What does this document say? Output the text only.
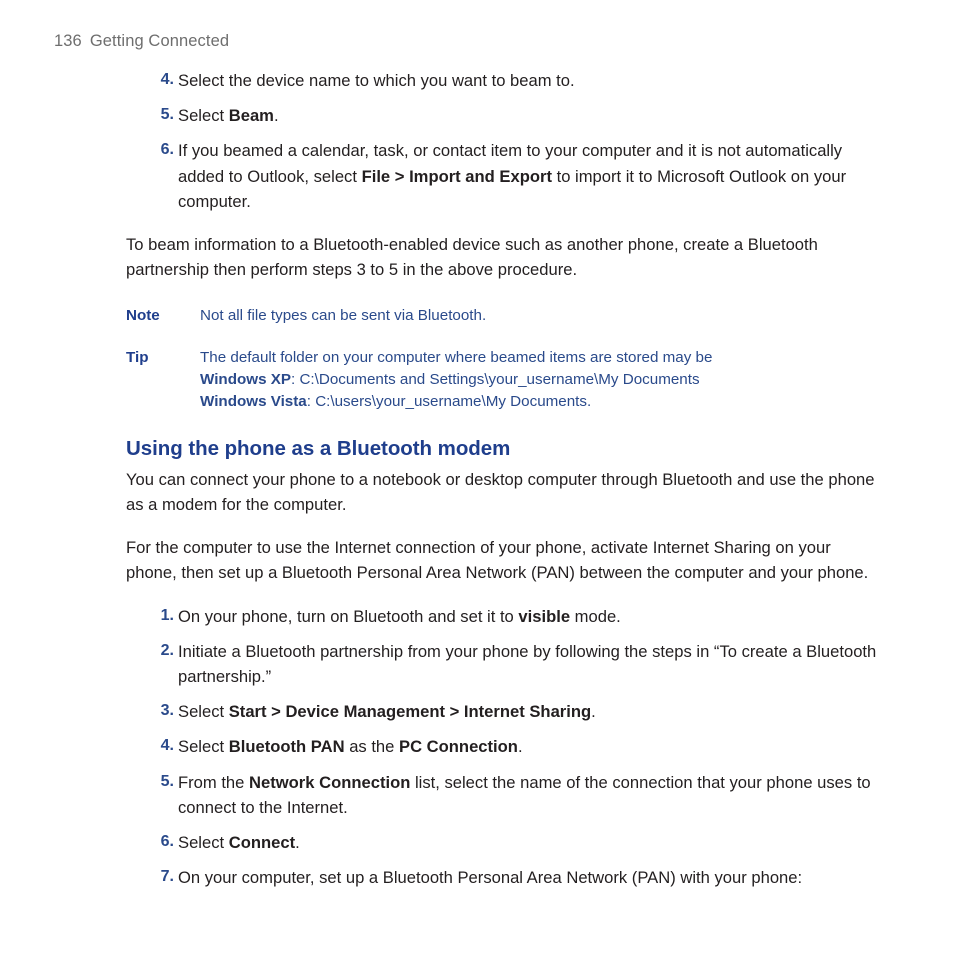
136 Getting Connected
4. Select the device name to which you want to beam to.
5. Select Beam.
6. If you beamed a calendar, task, or contact item to your computer and it is not automatically added to Outlook, select File > Import and Export to import it to Microsoft Outlook on your computer.

To beam information to a Bluetooth-enabled device such as another phone, create a Bluetooth partnership then perform steps 3 to 5 in the above procedure.

Note	Not all file types can be sent via Bluetooth.
Tip	The default folder on your computer where beamed items are stored may be
Windows XP: C:\Documents and Settings\your_username\My Documents
Windows Vista: C:\users\your_username\My Documents.
Using the phone as a Bluetooth modem

You can connect your phone to a notebook or desktop computer through Bluetooth and use the phone as a modem for the computer.

For the computer to use the Internet connection of your phone, activate Internet Sharing on your phone, then set up a Bluetooth Personal Area Network (PAN) between the computer and your phone.

1. On your phone, turn on Bluetooth and set it to visible mode.
2. Initiate a Bluetooth partnership from your phone by following the steps in “To create a Bluetooth partnership.”
3. Select Start > Device Management > Internet Sharing.
4. Select Bluetooth PAN as the PC Connection.
5. From the Network Connection list, select the name of the connection that your phone uses to connect to the Internet.
6. Select Connect.
7. On your computer, set up a Bluetooth Personal Area Network (PAN) with your phone:
